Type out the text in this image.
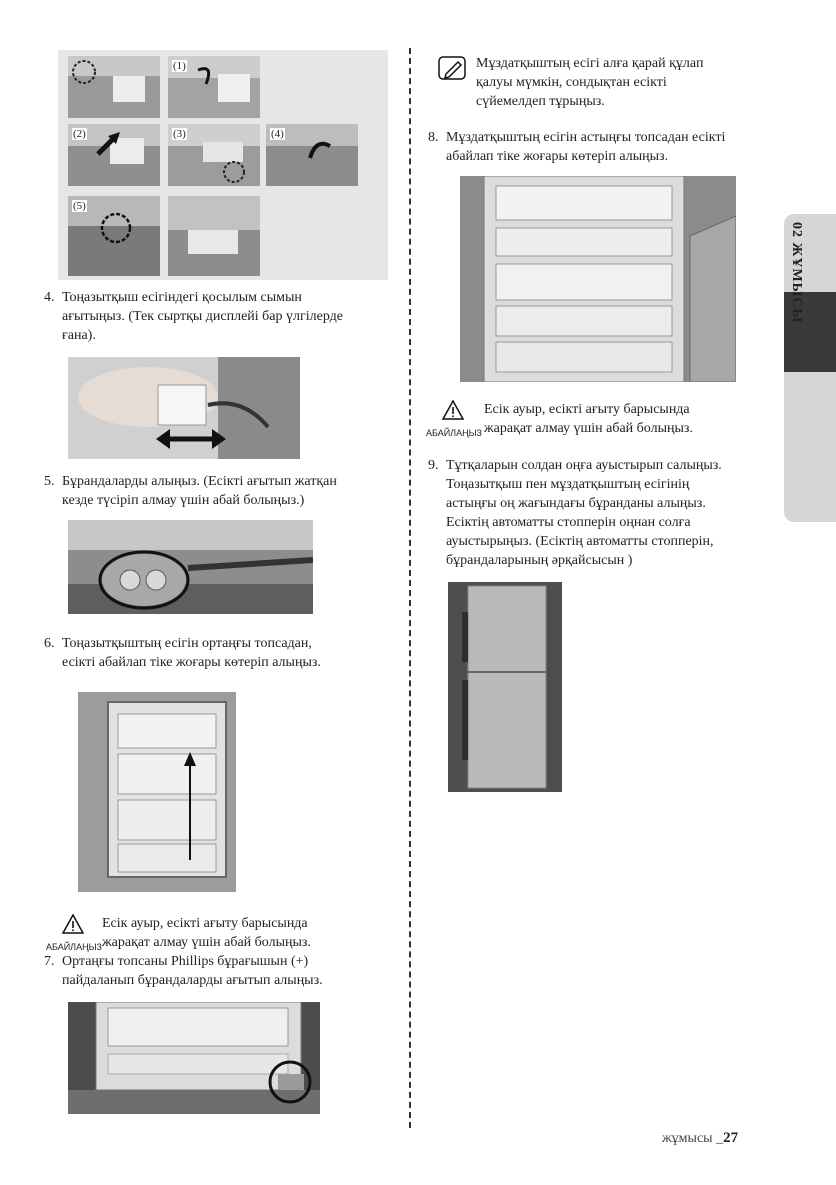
02 ЖҰМЫСЫ
(1)
(2)	(3)	(4)
(5)
4. Тоңазытқыш есігіндегі қосылым сымын
ағытыңыз. (Тек сыртқы дисплейі бар үлгілерде
ғана).
5. Бұрандаларды алыңыз. (Есікті ағытып жатқан
кезде түсіріп алмау үшін абай болыңыз.)
6. Тоңазытқыштың есігін ортаңғы топсадан,
есікті абайлап тіке жоғары көтеріп алыңыз.
АБАЙЛАҢЫЗ
Есік ауыр, есікті ағыту барысында
жарақат алмау үшін абай болыңыз.
7. Ортаңғы топсаны Phillips бұрағышын (+)
пайдаланып бұрандаларды ағытып алыңыз.
Мұздатқыштың есігі алға қарай құлап
қалуы мүмкін, сондықтан есікті
сүйемелдеп тұрыңыз.
8. Мұздатқыштың есігін астыңғы топсадан есікті
абайлап тіке жоғары көтеріп алыңыз.
АБАЙЛАҢЫЗ
Есік ауыр, есікті ағыту барысында
жарақат алмау үшін абай болыңыз.
9. Тұтқаларын солдан оңға ауыстырып салыңыз.
Тоңазытқыш пен мұздатқыштың есігінің
астыңғы оң жағындағы бұранданы алыңыз.
Есіктің автоматты стопперін оңнан солға
ауыстырыңыз. (Есіктің автоматты стопперін,
бұрандаларының әрқайсысын )
жұмысы _27
